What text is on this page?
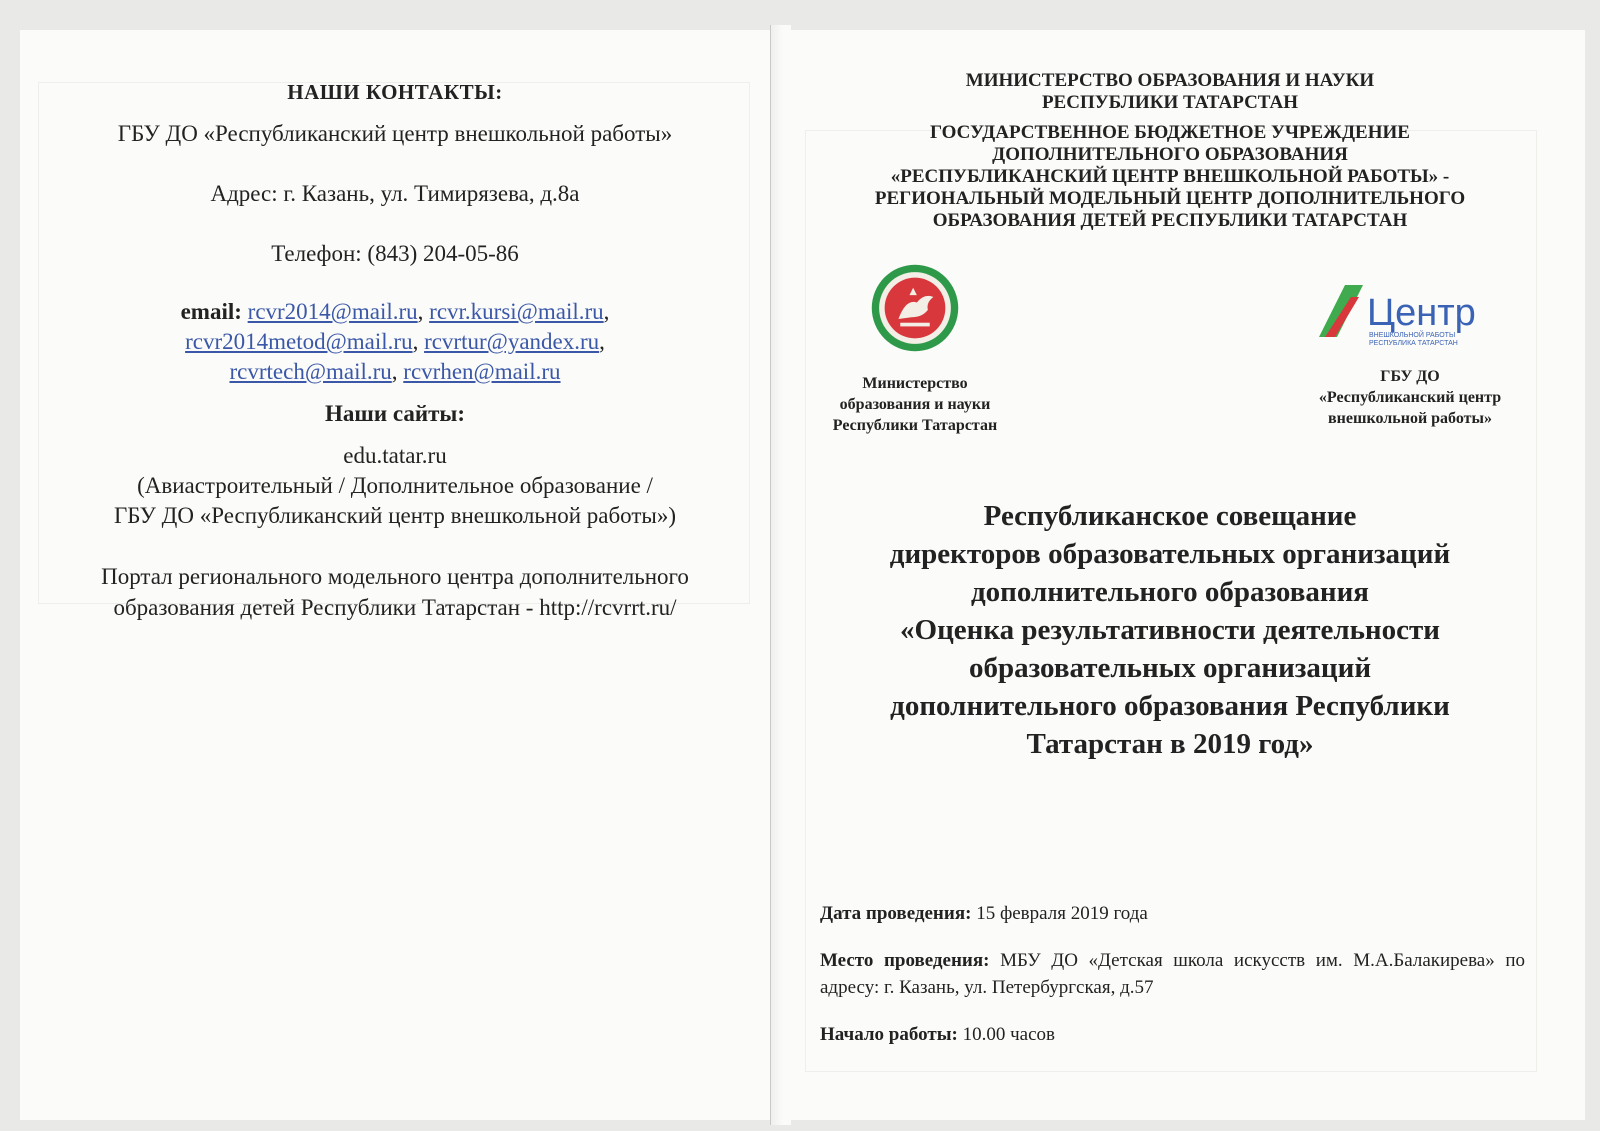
НАШИ КОНТАКТЫ:
ГБУ ДО «Республиканский центр внешкольной работы»
Адрес: г. Казань, ул. Тимирязева, д.8а
Телефон: (843) 204-05-86
email: rcvr2014@mail.ru, rcvr.kursi@mail.ru,
rcvr2014metod@mail.ru, rcvrtur@yandex.ru,
rcvrtech@mail.ru, rcvrhen@mail.ru
Наши сайты:
edu.tatar.ru
(Авиастроительный / Дополнительное образование /
ГБУ ДО «Республиканский центр внешкольной работы»)
Портал регионального модельного центра дополнительного
образования детей Республики Татарстан - http://rcvrrt.ru/
МИНИСТЕРСТВО ОБРАЗОВАНИЯ И НАУКИ
РЕСПУБЛИКИ ТАТАРСТАН
ГОСУДАРСТВЕННОЕ БЮДЖЕТНОЕ УЧРЕЖДЕНИЕ
ДОПОЛНИТЕЛЬНОГО ОБРАЗОВАНИЯ
«РЕСПУБЛИКАНСКИЙ ЦЕНТР ВНЕШКОЛЬНОЙ РАБОТЫ» -
РЕГИОНАЛЬНЫЙ МОДЕЛЬНЫЙ ЦЕНТР ДОПОЛНИТЕЛЬНОГО
ОБРАЗОВАНИЯ ДЕТЕЙ РЕСПУБЛИКИ ТАТАРСТАН
Министерство
образования и науки
Республики Татарстан
Центр
ВНЕШКОЛЬНОЙ РАБОТЫ
РЕСПУБЛИКА ТАТАРСТАН
ГБУ ДО
«Республиканский центр
внешкольной работы»
Республиканское совещание
директоров образовательных организаций
дополнительного образования
«Оценка результативности деятельности
образовательных организаций
дополнительного образования Республики
Татарстан в 2019 год»
Дата проведения: 15 февраля 2019 года
Место проведения: МБУ ДО «Детская школа искусств им. М.А.Балакирева» по адресу: г. Казань, ул. Петербургская, д.57
Начало работы: 10.00 часов
